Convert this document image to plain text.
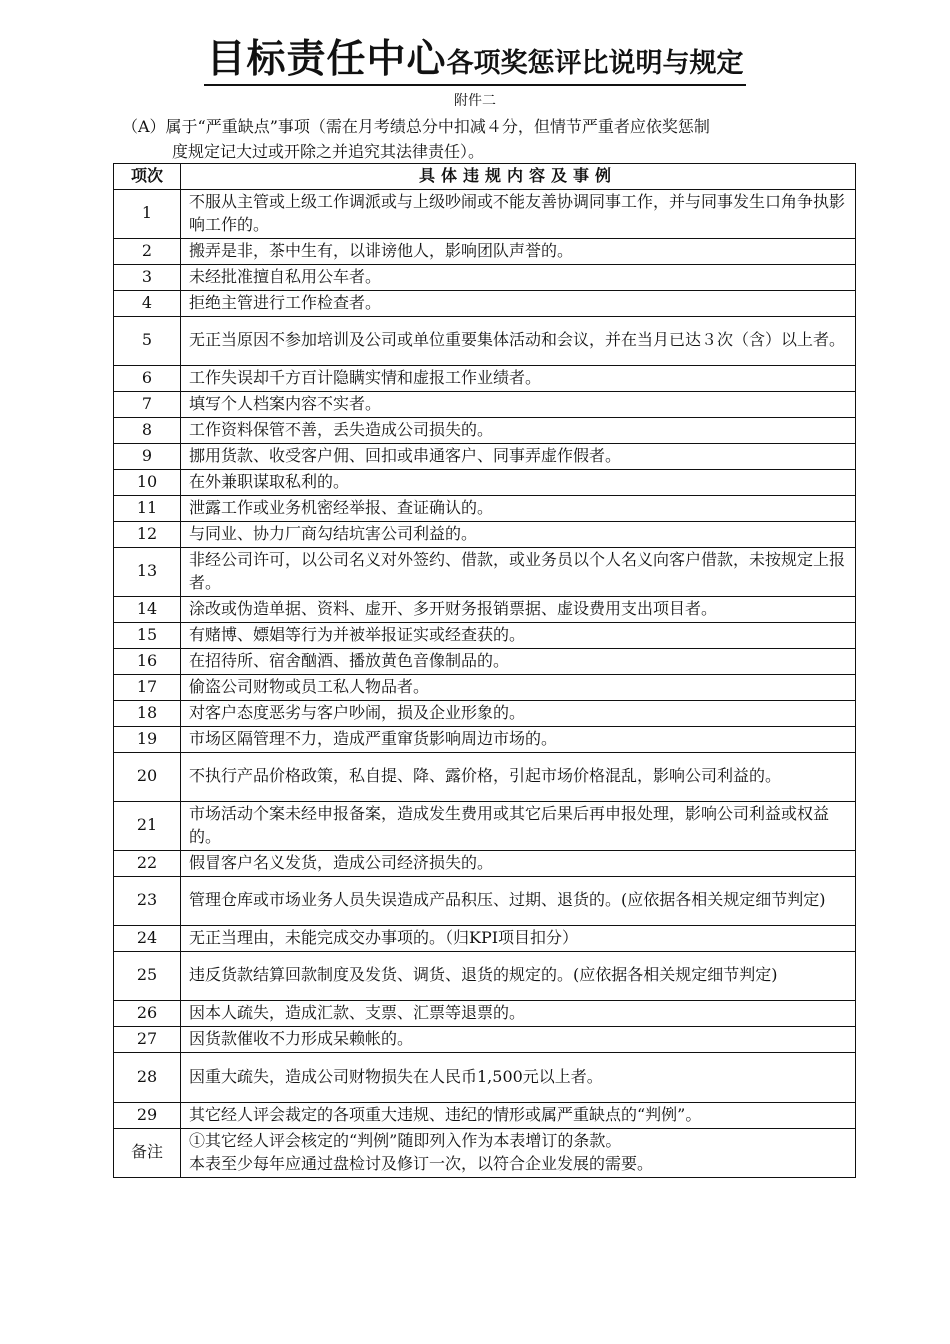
目标责任中心各项奖惩评比说明与规定
附件二
（A）属于“严重缺点”事项（需在月考绩总分中扣减４分，但情节严重者应依奖惩制
度规定记大过或开除之并追究其法律责任）。
项次	具体违规内容及事例
1	不服从主管或上级工作调派或与上级吵闹或不能友善协调同事工作，并与同事发生口角争执影响工作的。
2	搬弄是非，茶中生有，以诽谤他人，影响团队声誉的。
3	未经批准擅自私用公车者。
4	拒绝主管进行工作检查者。
5	无正当原因不参加培训及公司或单位重要集体活动和会议，并在当月已达３次（含）以上者。
6	工作失误却千方百计隐瞒实情和虚报工作业绩者。
7	填写个人档案内容不实者。
8	工作资料保管不善，丢失造成公司损失的。
9	挪用货款、收受客户佣、回扣或串通客户、同事弄虚作假者。
10	在外兼职谋取私利的。
11	泄露工作或业务机密经举报、查证确认的。
12	与同业、协力厂商勾结坑害公司利益的。
13	非经公司许可，以公司名义对外签约、借款，或业务员以个人名义向客户借款，未按规定上报者。
14	涂改或伪造单据、资料、虚开、多开财务报销票据、虚设费用支出项目者。
15	有赌博、嫖娼等行为并被举报证实或经查获的。
16	在招待所、宿舍酗酒、播放黄色音像制品的。
17	偷盗公司财物或员工私人物品者。
18	对客户态度恶劣与客户吵闹，损及企业形象的。
19	市场区隔管理不力，造成严重窜货影响周边市场的。
20	不执行产品价格政策，私自提、降、露价格，引起市场价格混乱，影响公司利益的。
21	市场活动个案未经申报备案，造成发生费用或其它后果后再申报处理，影响公司利益或权益的。
22	假冒客户名义发货，造成公司经济损失的。
23	管理仓库或市场业务人员失误造成产品积压、过期、退货的。(应依据各相关规定细节判定)
24	无正当理由，未能完成交办事项的。（归KPI项目扣分）
25	违反货款结算回款制度及发货、调货、退货的规定的。(应依据各相关规定细节判定)
26	因本人疏失，造成汇款、支票、汇票等退票的。
27	因货款催收不力形成呆赖帐的。
28	因重大疏失，造成公司财物损失在人民币1,500元以上者。
29	其它经人评会裁定的各项重大违规、违纪的情形或属严重缺点的“判例”。
备注	①其它经人评会核定的“判例”随即列入作为本表增订的条款。
本表至少每年应通过盘检讨及修订一次，以符合企业发展的需要。
